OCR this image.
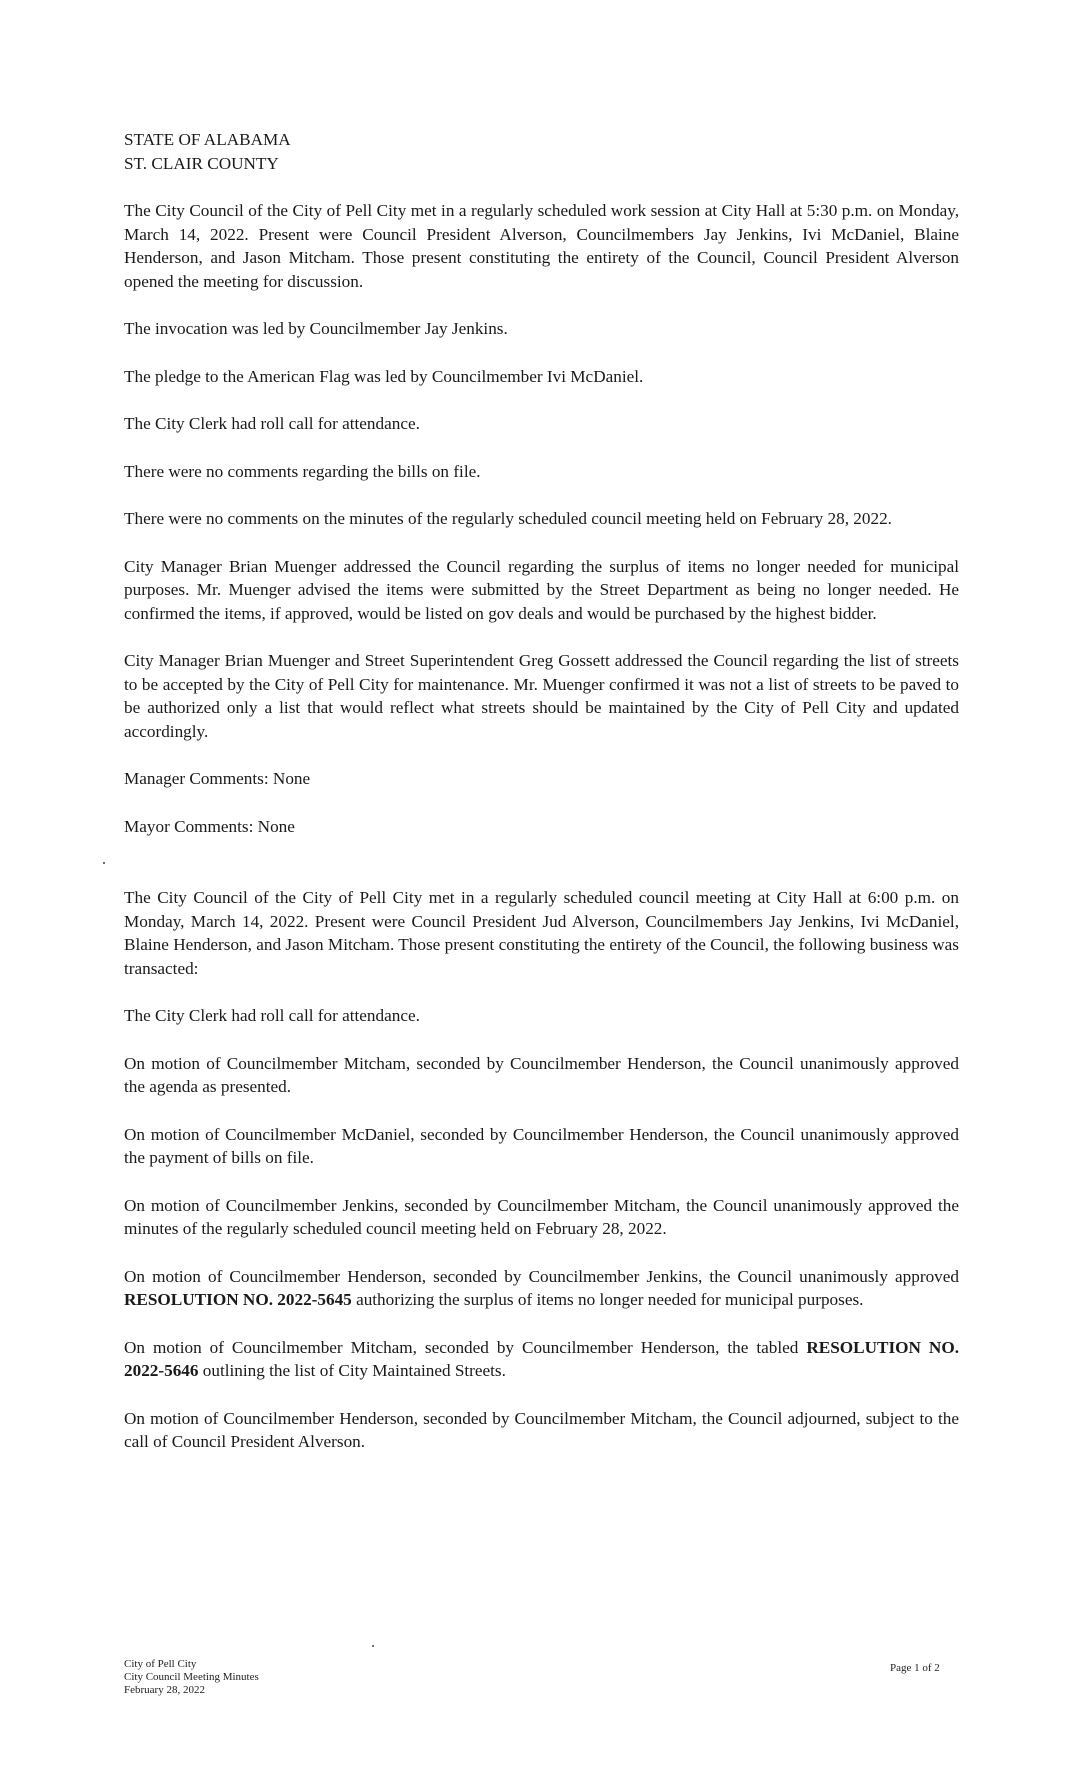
STATE OF ALABAMA
ST. CLAIR COUNTY

The City Council of the City of Pell City met in a regularly scheduled work session at City Hall at 5:30 p.m. on Monday, March 14, 2022. Present were Council President Alverson, Councilmembers Jay Jenkins, Ivi McDaniel, Blaine Henderson, and Jason Mitcham. Those present constituting the entirety of the Council, Council President Alverson opened the meeting for discussion.

The invocation was led by Councilmember Jay Jenkins.

The pledge to the American Flag was led by Councilmember Ivi McDaniel.

The City Clerk had roll call for attendance.

There were no comments regarding the bills on file.

There were no comments on the minutes of the regularly scheduled council meeting held on February 28, 2022.

City Manager Brian Muenger addressed the Council regarding the surplus of items no longer needed for municipal purposes. Mr. Muenger advised the items were submitted by the Street Department as being no longer needed. He confirmed the items, if approved, would be listed on gov deals and would be purchased by the highest bidder.

City Manager Brian Muenger and Street Superintendent Greg Gossett addressed the Council regarding the list of streets to be accepted by the City of Pell City for maintenance. Mr. Muenger confirmed it was not a list of streets to be paved to be authorized only a list that would reflect what streets should be maintained by the City of Pell City and updated accordingly.

Manager Comments: None

Mayor Comments: None

The City Council of the City of Pell City met in a regularly scheduled council meeting at City Hall at 6:00 p.m. on Monday, March 14, 2022. Present were Council President Jud Alverson, Councilmembers Jay Jenkins, Ivi McDaniel, Blaine Henderson, and Jason Mitcham. Those present constituting the entirety of the Council, the following business was transacted:

The City Clerk had roll call for attendance.

On motion of Councilmember Mitcham, seconded by Councilmember Henderson, the Council unanimously approved the agenda as presented.

On motion of Councilmember McDaniel, seconded by Councilmember Henderson, the Council unanimously approved the payment of bills on file.

On motion of Councilmember Jenkins, seconded by Councilmember Mitcham, the Council unanimously approved the minutes of the regularly scheduled council meeting held on February 28, 2022.

On motion of Councilmember Henderson, seconded by Councilmember Jenkins, the Council unanimously approved RESOLUTION NO. 2022-5645 authorizing the surplus of items no longer needed for municipal purposes.

On motion of Councilmember Mitcham, seconded by Councilmember Henderson, the tabled RESOLUTION NO. 2022-5646 outlining the list of City Maintained Streets.

On motion of Councilmember Henderson, seconded by Councilmember Mitcham, the Council adjourned, subject to the call of Council President Alverson.

City of Pell City
City Council Meeting Minutes
February 28, 2022
Page 1 of 2
